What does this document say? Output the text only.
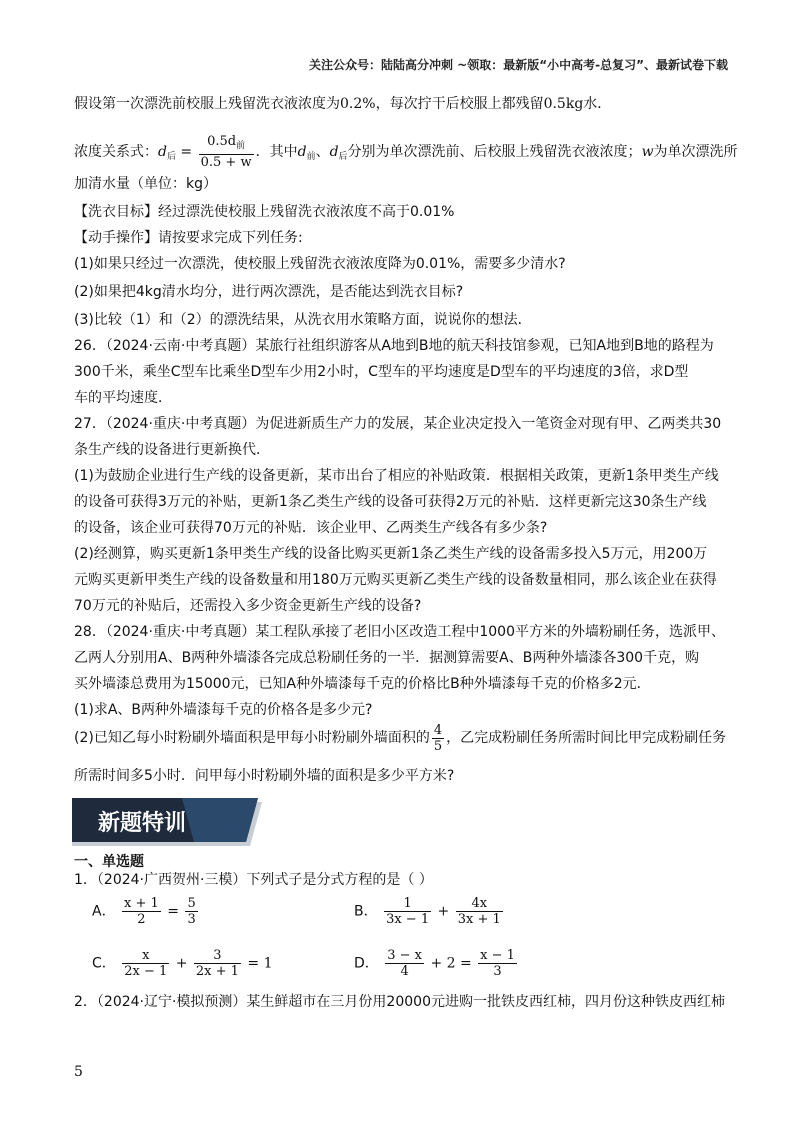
关注公众号：陆陆高分冲刺 ~领取：最新版“小中高考-总复习”、最新试卷下载
假设第一次漂洗前校服上残留洗衣液浓度为0.2%，每次拧干后校服上都残留0.5kg水．
浓度关系式：$d_后 = \frac{0.5d_前}{0.5 + w}$ ．其中$d_前$、$d_后$分别为单次漂洗前、后校服上残留洗衣液浓度；w为单次漂洗所
加清水量（单位：kg）
【洗衣目标】经过漂洗使校服上残留洗衣液浓度不高于0.01%
【动手操作】请按要求完成下列任务:
(1)如果只经过一次漂洗，使校服上残留洗衣液浓度降为0.01%，需要多少清水?
(2)如果把4kg清水均分，进行两次漂洗，是否能达到洗衣目标?
(3)比较（1）和（2）的漂洗结果，从洗衣用水策略方面，说说你的想法．
26．（2024·云南·中考真题）某旅行社组织游客从A地到B地的航天科技馆参观，已知A地到B地的路程为
300千米，乘坐C型车比乘坐D型车少用2小时，C型车的平均速度是D型车的平均速度的3倍，求D型
车的平均速度．
27．（2024·重庆·中考真题）为促进新质生产力的发展，某企业决定投入一笔资金对现有甲、乙两类共30
条生产线的设备进行更新换代．
(1)为鼓励企业进行生产线的设备更新，某市出台了相应的补贴政策．根据相关政策，更新1条甲类生产线
的设备可获得3万元的补贴，更新1条乙类生产线的设备可获得2万元的补贴．这样更新完这30条生产线
的设备，该企业可获得70万元的补贴．该企业甲、乙两类生产线各有多少条?
(2)经测算，购买更新1条甲类生产线的设备比购买更新1条乙类生产线的设备需多投入5万元，用200万
元购买更新甲类生产线的设备数量和用180万元购买更新乙类生产线的设备数量相同，那么该企业在获得
70万元的补贴后，还需投入多少资金更新生产线的设备?
28．（2024·重庆·中考真题）某工程队承接了老旧小区改造工程中1000平方米的外墙粉刷任务，选派甲、
乙两人分别用A、B两种外墙漆各完成总粉刷任务的一半．据测算需要A、B两种外墙漆各300千克，购
买外墙漆总费用为15000元，已知A种外墙漆每千克的价格比B种外墙漆每千克的价格多2元．
(1)求A、B两种外墙漆每千克的价格各是多少元?
(2)已知乙每小时粉刷外墙面积是甲每小时粉刷外墙面积的 $\frac{4}{5}$ ，乙完成粉刷任务所需时间比甲完成粉刷任务
所需时间多5小时．问甲每小时粉刷外墙的面积是多少平方米?
新题特训
一、单选题
1．（2024·广西贺州·三模）下列式子是分式方程的是（ ）
A． $\frac{x + 1}{2} = \frac{5}{3}$	B． $\frac{1}{3x - 1} + \frac{4x}{3x + 1}$
C． $\frac{x}{2x - 1} + \frac{3}{2x + 1} = 1$	D． $\frac{3 - x}{4} + 2 = \frac{x - 1}{3}$
2．（2024·辽宁·模拟预测）某生鲜超市在三月份用20000元进购一批铁皮西红柿，四月份这种铁皮西红柿
5
